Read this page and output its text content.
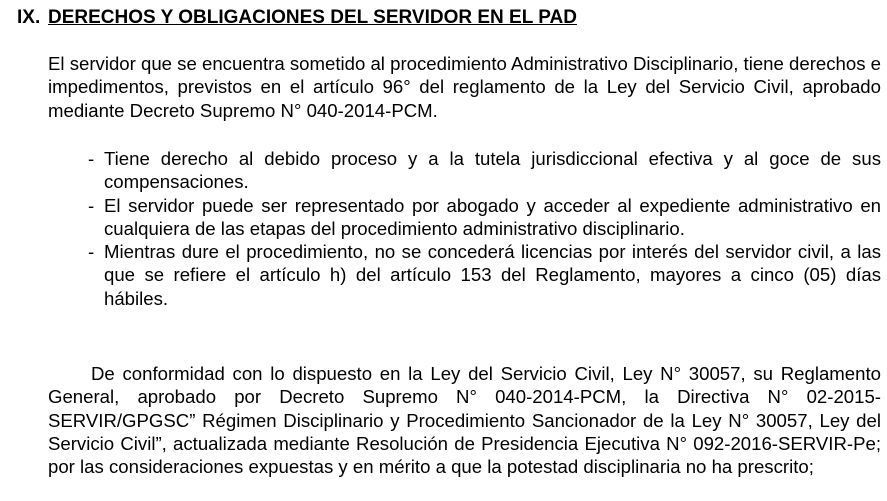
IX. DERECHOS Y OBLIGACIONES DEL SERVIDOR EN EL PAD

El servidor que se encuentra sometido al procedimiento Administrativo Disciplinario, tiene derechos e impedimentos, previstos en el artículo 96° del reglamento de la Ley del Servicio Civil, aprobado mediante Decreto Supremo N° 040-2014-PCM.

- Tiene derecho al debido proceso y a la tutela jurisdiccional efectiva y al goce de sus compensaciones.
- El servidor puede ser representado por abogado y acceder al expediente administrativo en cualquiera de las etapas del procedimiento administrativo disciplinario.
- Mientras dure el procedimiento, no se concederá licencias por interés del servidor civil, a las que se refiere el artículo h) del artículo 153 del Reglamento, mayores a cinco (05) días hábiles.

De conformidad con lo dispuesto en la Ley del Servicio Civil, Ley N° 30057, su Reglamento General, aprobado por Decreto Supremo N° 040-2014-PCM, la Directiva N° 02-2015-SERVIR/GPGSC” Régimen Disciplinario y Procedimiento Sancionador de la Ley N° 30057, Ley del Servicio Civil”, actualizada mediante Resolución de Presidencia Ejecutiva N° 092-2016-SERVIR-Pe; por las consideraciones expuestas y en mérito a que la potestad disciplinaria no ha prescrito;
